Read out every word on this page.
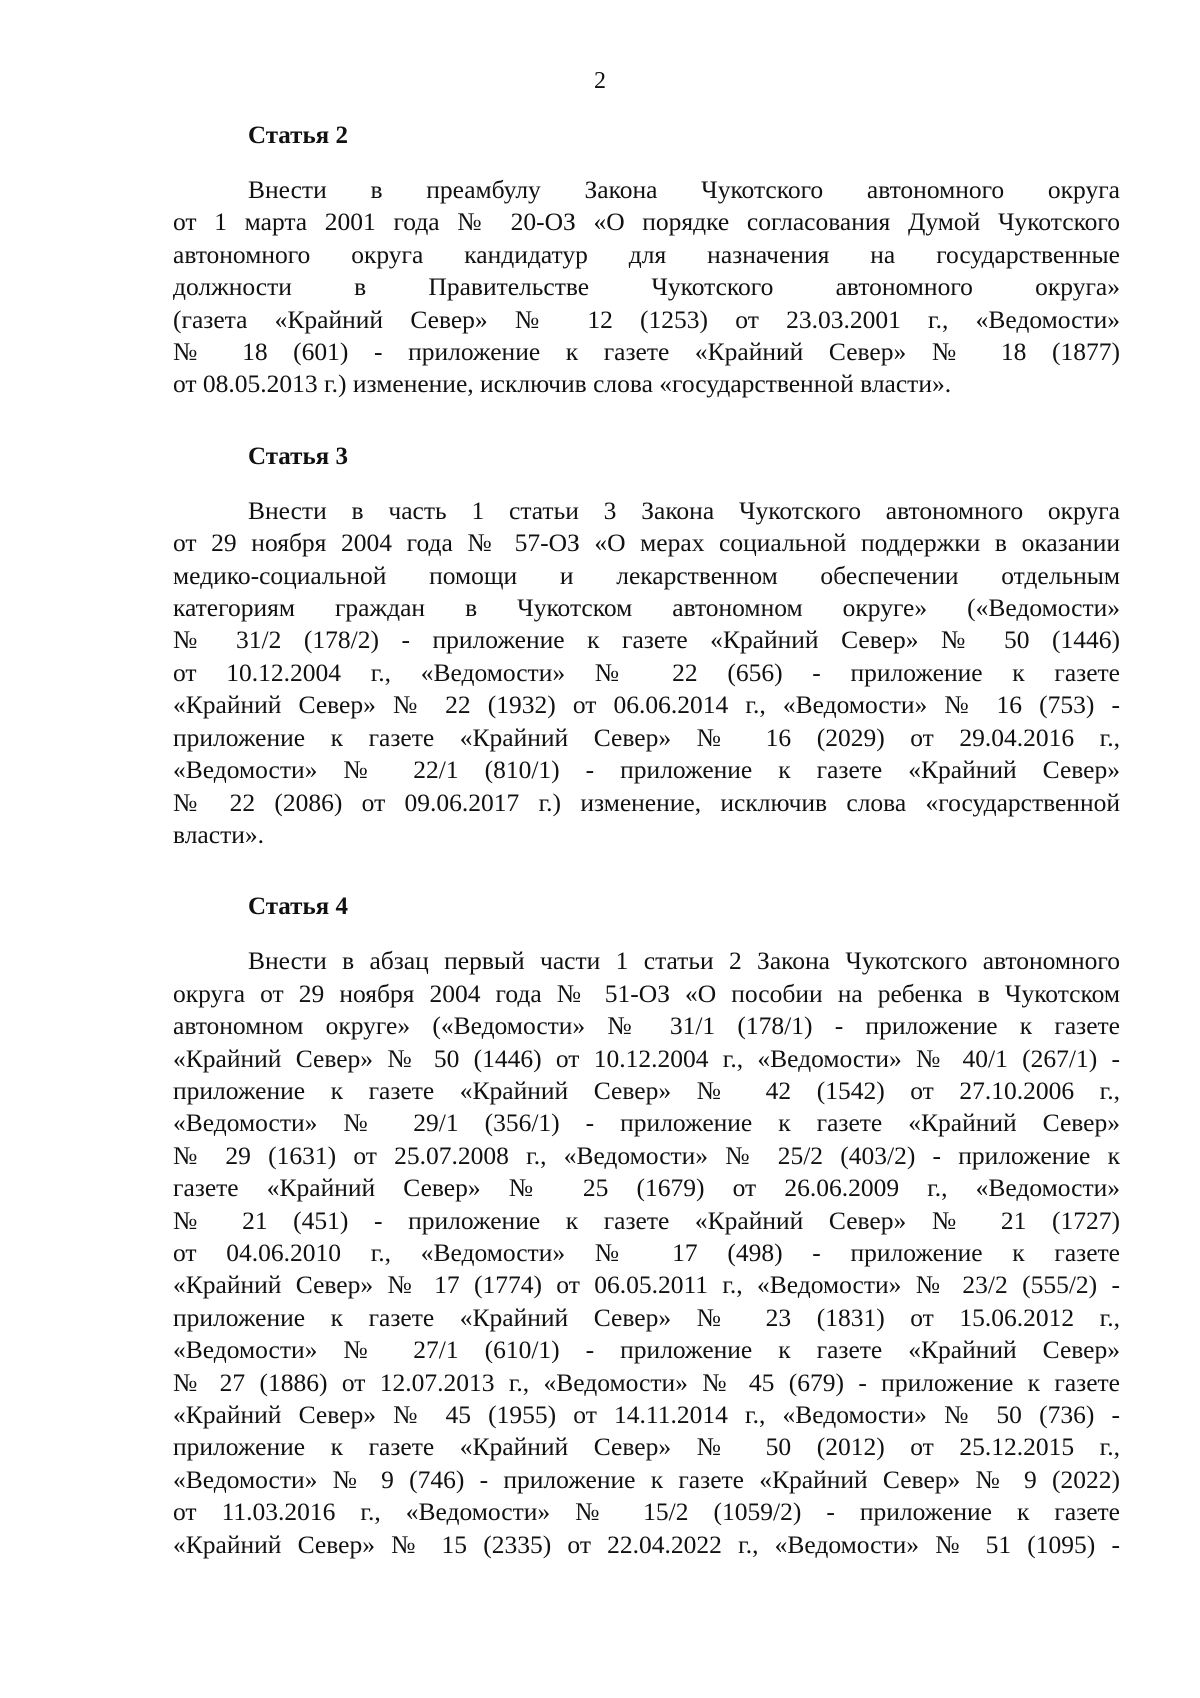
2
Статья 2

Внести в преамбулу Закона Чукотского автономного округа
от 1 марта 2001 года № 20-ОЗ «О порядке согласования Думой Чукотского
автономного округа кандидатур для назначения на государственные
должности в Правительстве Чукотского автономного округа»
(газета «Крайний Север» № 12 (1253) от 23.03.2001 г., «Ведомости»
№ 18 (601) - приложение к газете «Крайний Север» № 18 (1877)
от 08.05.2013 г.) изменение, исключив слова «государственной власти».

Статья 3

Внести в часть 1 статьи 3 Закона Чукотского автономного округа
от 29 ноября 2004 года № 57-ОЗ «О мерах социальной поддержки в оказании
медико-социальной помощи и лекарственном обеспечении отдельным
категориям граждан в Чукотском автономном округе» («Ведомости»
№ 31/2 (178/2) - приложение к газете «Крайний Север» № 50 (1446)
от 10.12.2004 г., «Ведомости» № 22 (656) - приложение к газете
«Крайний Север» № 22 (1932) от 06.06.2014 г., «Ведомости» № 16 (753) -
приложение к газете «Крайний Север» № 16 (2029) от 29.04.2016 г.,
«Ведомости» № 22/1 (810/1) - приложение к газете «Крайний Север»
№ 22 (2086) от 09.06.2017 г.) изменение, исключив слова «государственной
власти».

Статья 4

Внести в абзац первый части 1 статьи 2 Закона Чукотского автономного
округа от 29 ноября 2004 года № 51-ОЗ «О пособии на ребенка в Чукотском
автономном округе» («Ведомости» № 31/1 (178/1) - приложение к газете
«Крайний Север» № 50 (1446) от 10.12.2004 г., «Ведомости» № 40/1 (267/1) -
приложение к газете «Крайний Север» № 42 (1542) от 27.10.2006 г.,
«Ведомости» № 29/1 (356/1) - приложение к газете «Крайний Север»
№ 29 (1631) от 25.07.2008 г., «Ведомости» № 25/2 (403/2) - приложение к
газете «Крайний Север» № 25 (1679) от 26.06.2009 г., «Ведомости»
№ 21 (451) - приложение к газете «Крайний Север» № 21 (1727)
от 04.06.2010 г., «Ведомости» № 17 (498) - приложение к газете
«Крайний Север» № 17 (1774) от 06.05.2011 г., «Ведомости» № 23/2 (555/2) -
приложение к газете «Крайний Север» № 23 (1831) от 15.06.2012 г.,
«Ведомости» № 27/1 (610/1) - приложение к газете «Крайний Север»
№ 27 (1886) от 12.07.2013 г., «Ведомости» № 45 (679) - приложение к газете
«Крайний Север» № 45 (1955) от 14.11.2014 г., «Ведомости» № 50 (736) -
приложение к газете «Крайний Север» № 50 (2012) от 25.12.2015 г.,
«Ведомости» № 9 (746) - приложение к газете «Крайний Север» № 9 (2022)
от 11.03.2016 г., «Ведомости» № 15/2 (1059/2) - приложение к газете
«Крайний Север» № 15 (2335) от 22.04.2022 г., «Ведомости» № 51 (1095) -
